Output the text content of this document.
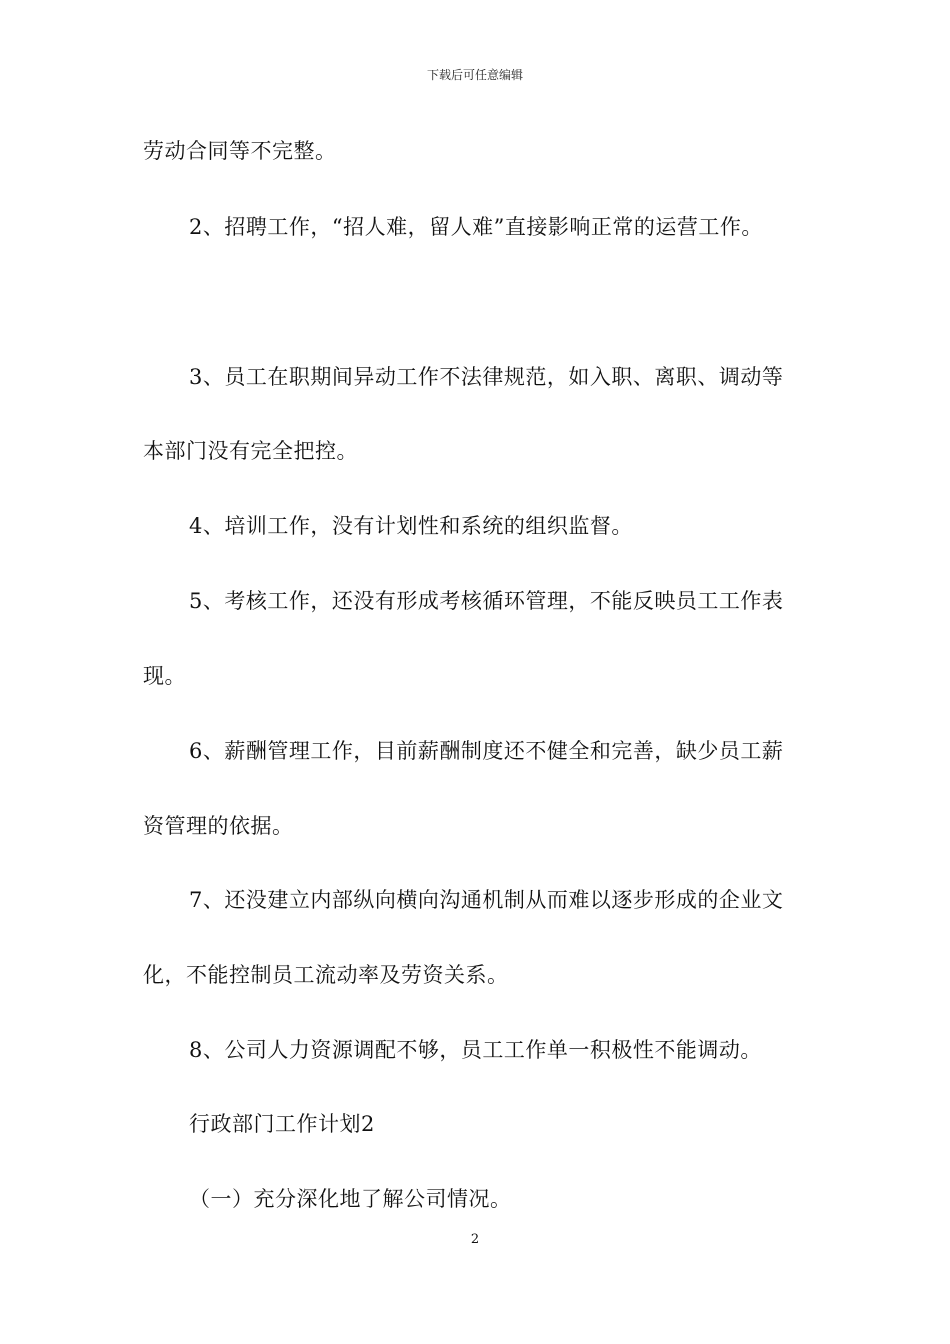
下载后可任意编辑
劳动合同等不完整。
2、招聘工作，“招人难，留人难”直接影响正常的运营工作。
3、员工在职期间异动工作不法律规范，如入职、离职、调动等
本部门没有完全把控。
4、培训工作，没有计划性和系统的组织监督。
5、考核工作，还没有形成考核循环管理，不能反映员工工作表
现。
6、薪酬管理工作，目前薪酬制度还不健全和完善，缺少员工薪
资管理的依据。
7、还没建立内部纵向横向沟通机制从而难以逐步形成的企业文
化，不能控制员工流动率及劳资关系。
8、公司人力资源调配不够，员工工作单一积极性不能调动。
行政部门工作计划2
（一）充分深化地了解公司情况。
2
